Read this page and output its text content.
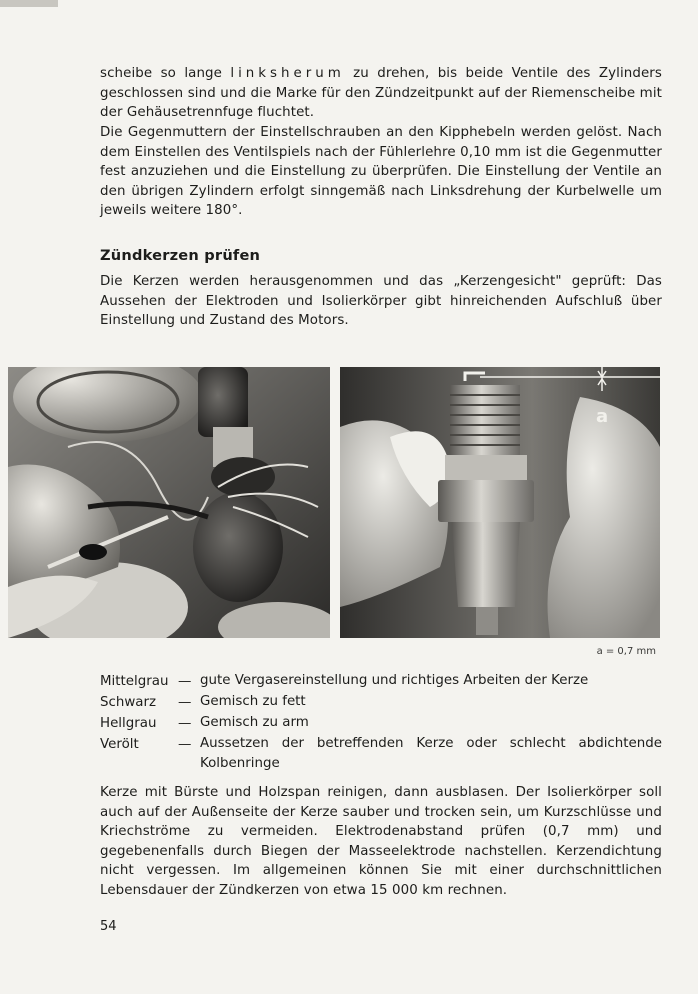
scheibe so lange linksherum zu drehen, bis beide Ventile des Zylinders geschlossen sind und die Marke für den Zündzeitpunkt auf der Riemenscheibe mit der Gehäusetrennfuge fluchtet.

Die Gegenmuttern der Einstellschrauben an den Kipphebeln werden gelöst. Nach dem Einstellen des Ventilspiels nach der Fühlerlehre 0,10 mm ist die Gegenmutter fest anzuziehen und die Einstellung zu überprüfen. Die Einstellung der Ventile an den übrigen Zylindern erfolgt sinngemäß nach Linksdrehung der Kurbelwelle um jeweils weitere 180°.

Zündkerzen prüfen

Die Kerzen werden herausgenommen und das „Kerzengesicht" geprüft: Das Aussehen der Elektroden und Isolierkörper gibt hinreichenden Aufschluß über Einstellung und Zustand des Motors.

a
a = 0,7 mm
Mittelgrau — gute Vergasereinstellung und richtiges Arbeiten der Kerze
Schwarz	— Gemisch zu fett
Hellgrau	— Gemisch zu arm
Verölt	— Aussetzen der betreffenden Kerze oder schlecht abdichtende Kolbenringe

Kerze mit Bürste und Holzspan reinigen, dann ausblasen. Der Isolierkörper soll auch auf der Außenseite der Kerze sauber und trocken sein, um Kurzschlüsse und Kriechströme zu vermeiden. Elektrodenabstand prüfen (0,7 mm) und gegebenenfalls durch Biegen der Masseelektrode nachstellen. Kerzendichtung nicht vergessen. Im allgemeinen können Sie mit einer durchschnittlichen Lebensdauer der Zündkerzen von etwa 15 000 km rechnen.

54
